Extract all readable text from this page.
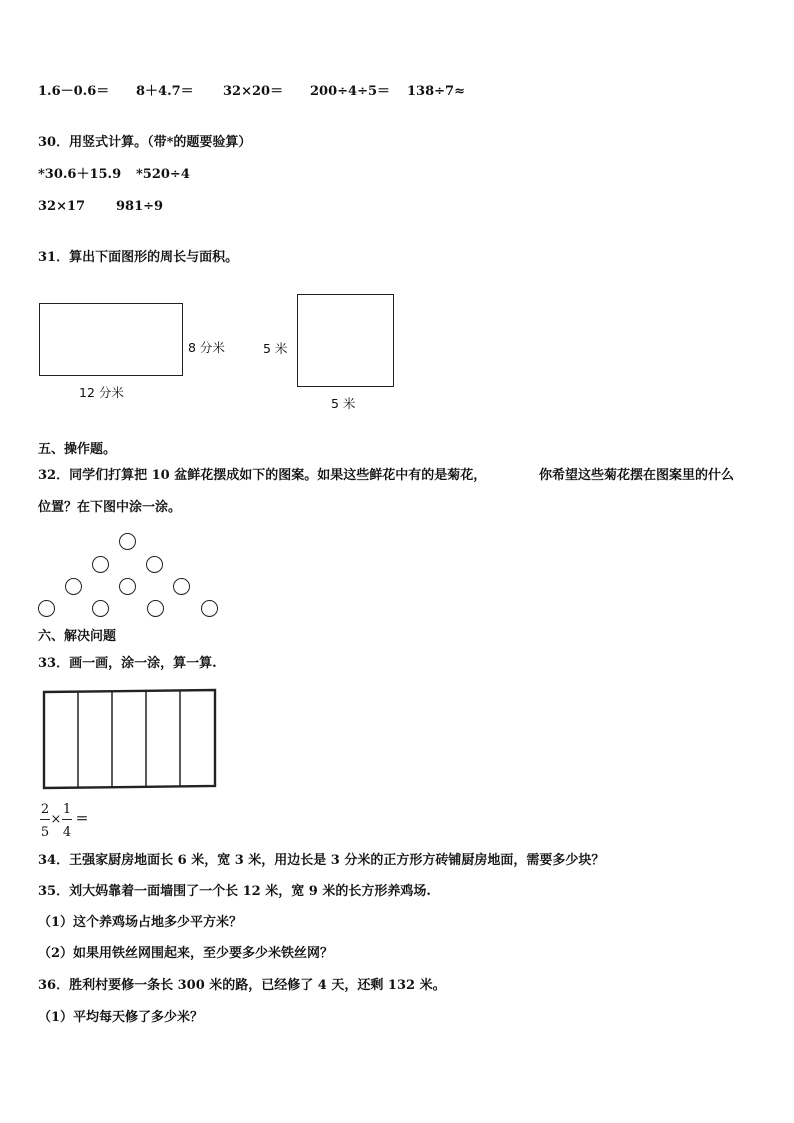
1.6－0.6＝ 8＋4.7＝ 32×20＝ 200÷4÷5＝ 138÷7≈
30．用竖式计算。（带*的题要验算）
*30.6＋15.9 *520÷4
32×17 981÷9
31．算出下面图形的周长与面积。
8 分米
12 分米
5 米
5 米
五、操作题。
32．同学们打算把 10 盆鲜花摆成如下的图案。如果这些鲜花中有的是菊花，	你希望这些菊花摆在图案里的什么
位置？在下图中涂一涂。
六、解决问题
33．画一画，涂一涂，算一算.
2
5
×
1
4
＝
34．王强家厨房地面长 6 米，宽 3 米，用边长是 3 分米的正方形方砖铺厨房地面，需要多少块？
35．刘大妈靠着一面墙围了一个长 12 米，宽 9 米的长方形养鸡场.
（1）这个养鸡场占地多少平方米？
（2）如果用铁丝网围起来，至少要多少米铁丝网？
36．胜利村要修一条长 300 米的路，已经修了 4 天，还剩 132 米。
（1）平均每天修了多少米？
